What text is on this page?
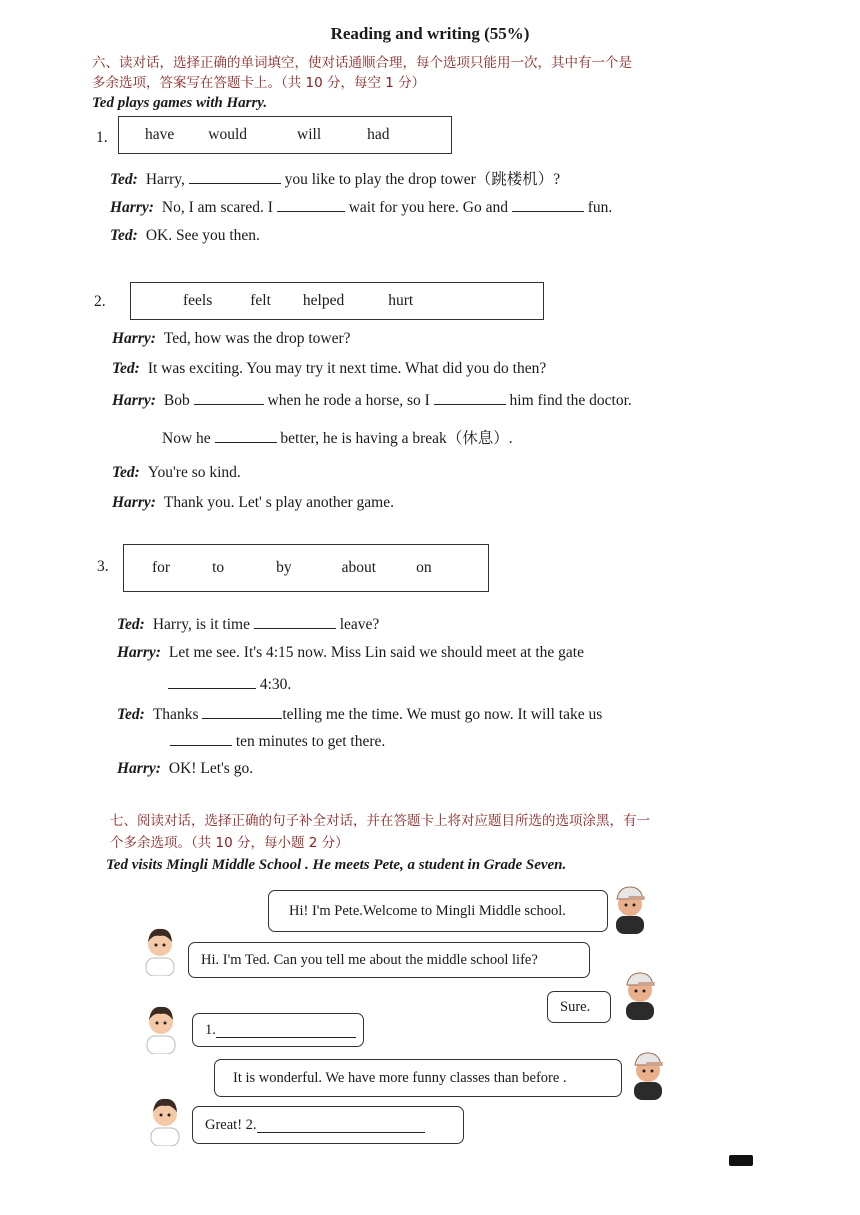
Reading and writing (55%)
六、读对话，选择正确的单词填空，使对话通顺合理，每个选项只能用一次，其中有一个是
多余选项，答案写在答题卡上。（共 10 分，每空 1 分）
Ted plays games with Harry.
1. have would	will	had
Ted: Harry,	you like to play the drop tower（跳楼机）?
Harry: No, I am scared. I	wait for you here. Go and	fun.
Ted: OK. See you then.
2.	feels felt helped	hurt
Harry: Ted, how was the drop tower?
Ted: It was exciting. You may try it next time. What did you do then?
Harry: Bob	when he rode a horse, so I	him find the doctor.
Now he	better, he is having a break（休息）.
Ted: You're so kind.
Harry: Thank you. Let' s play another game.
3.	for	to	by	about	on
Ted: Harry, is it time	leave?
Harry: Let me see. It's 4:15 now. Miss Lin said we should meet at the gate
4:30.
Ted: Thanks	telling me the time. We must go now. It will take us
ten minutes to get there.
Harry: OK! Let's go.
七、阅读对话，选择正确的句子补全对话，并在答题卡上将对应题目所选的选项涂黑，有一
个多余选项。（共 10 分，每小题 2 分）
Ted visits Mingli Middle School . He meets Pete, a student in Grade Seven.
Hi! I'm Pete.Welcome to Mingli Middle school.
Hi. I'm Ted. Can you tell me about the middle school life?
Sure.
1.
It is wonderful. We have more funny classes than before .
Great! 2.
